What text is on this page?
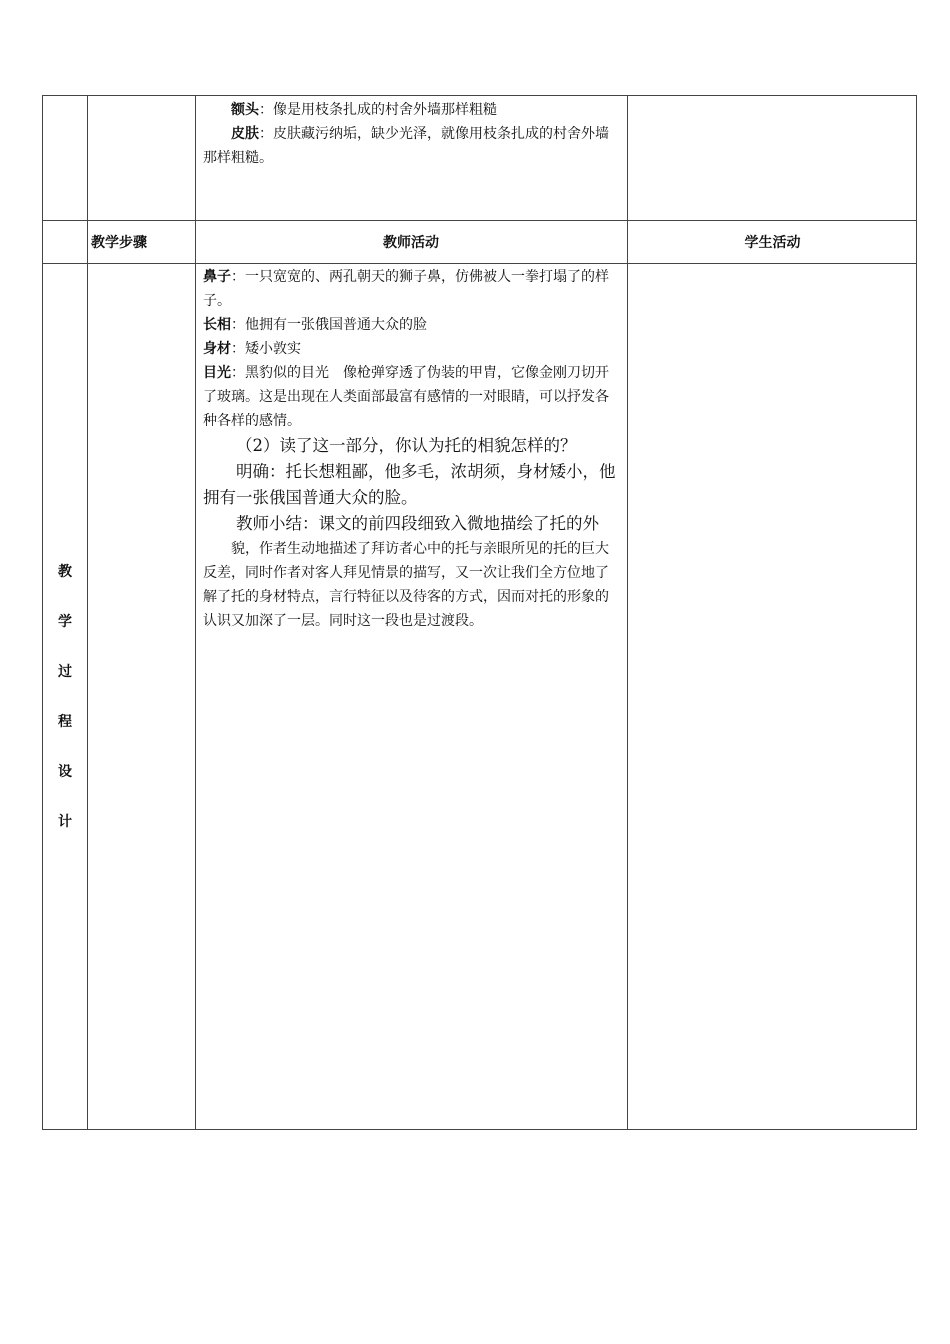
额头：像是用枝条扎成的村舍外墙那样粗糙

皮肤：皮肤藏污纳垢，缺少光泽，就像用枝条扎成的村舍外墙那样粗糙。

教学步骤	教师活动	学生活动
教
学
过
程
设
计

鼻子：一只宽宽的、两孔朝天的狮子鼻，仿佛被人一拳打塌了的样子。

长相：他拥有一张俄国普通大众的脸

身材：矮小敦实

目光：黑豹似的目光　像枪弹穿透了伪装的甲胄，它像金刚刀切开了玻璃。这是出现在人类面部最富有感情的一对眼睛，可以抒发各种各样的感情。

（2）读了这一部分，你认为托的相貌怎样的？

明确：托长想粗鄙，他多毛，浓胡须，身材矮小，他拥有一张俄国普通大众的脸。

教师小结：课文的前四段细致入微地描绘了托的外

貌，作者生动地描述了拜访者心中的托与亲眼所见的托的巨大反差，同时作者对客人拜见情景的描写，又一次让我们全方位地了解了托的身材特点，言行特征以及待客的方式，因而对托的形象的认识又加深了一层。同时这一段也是过渡段。
